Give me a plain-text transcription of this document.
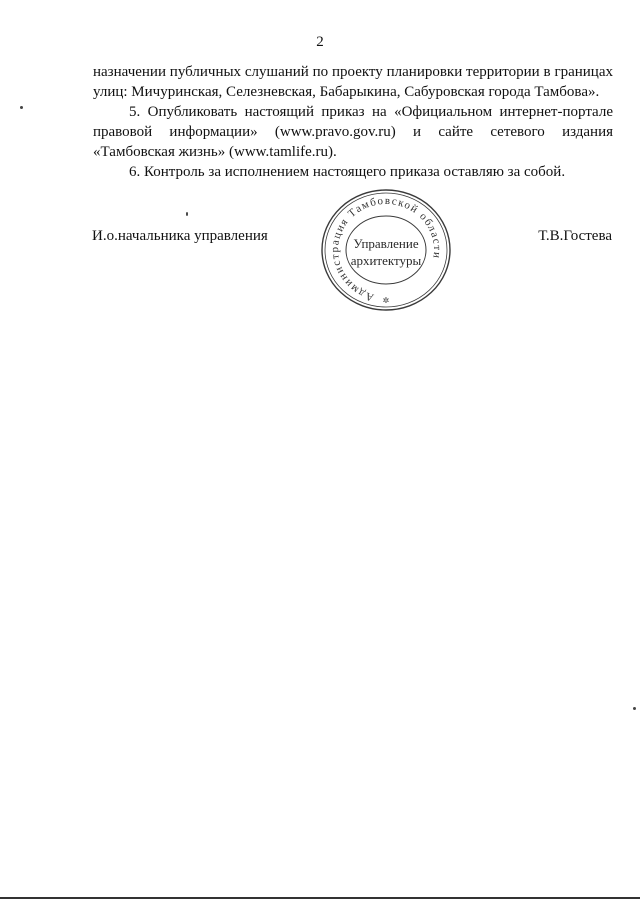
2

назначении публичных слушаний по проекту планировки территории в границах улиц: Мичуринская, Селезневская, Бабарыкина, Сабуровская города Тамбова».

5. Опубликовать настоящий приказ на «Официальном интернет-портале правовой информации» (www.pravo.gov.ru) и сайте сетевого издания «Тамбовская жизнь» (www.tamlife.ru).

6. Контроль за исполнением настоящего приказа оставляю за собой.

И.о.начальника управления	Т.В.Гостева
Администрация Тамбовской области
Управление
архитектуры
✲
